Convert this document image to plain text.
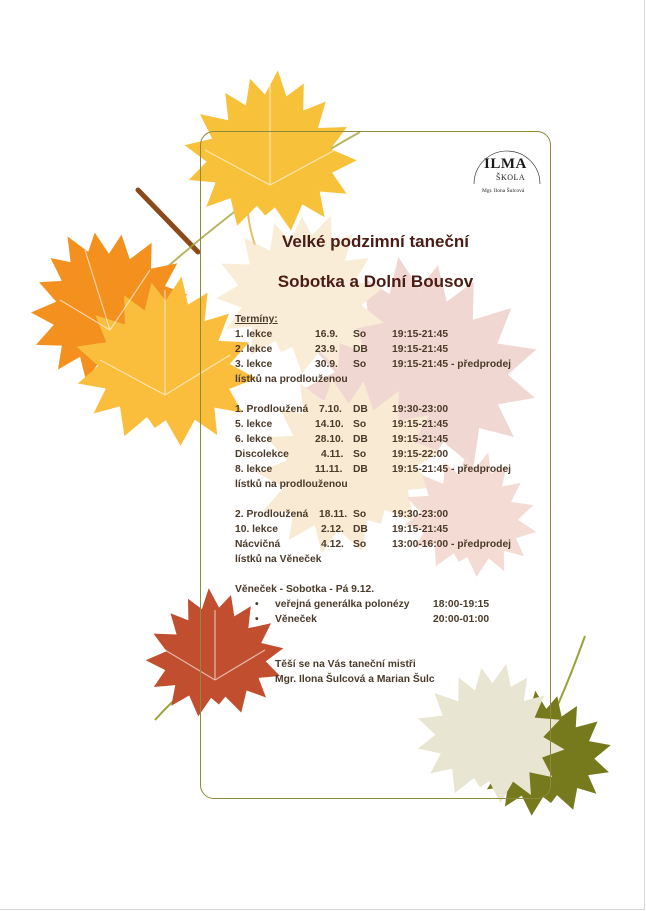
ILMA
ŠKOLA
Mgr. Ilona Šulcová
Velké podzimní taneční
Sobotka a Dolní Bousov
Termíny:
1. lekce	16.9. So	19:15-21:45
2. lekce	23.9. DB 19:15-21:45
3. lekce	30.9. So	19:15-21:45 - předprodej
lístků na prodlouženou
1. Prodloužená 7.10. DB 19:30-23:00
5. lekce	14.10. So	19:15-21:45
6. lekce	28.10. DB 19:15-21:45
Discolekce	4.11. So	19:15-22:00
8. lekce	11.11. DB 19:15-21:45 - předprodej
lístků na prodlouženou
2. Prodloužená 18.11. So	19:30-23:00
10. lekce	2.12. DB 19:15-21:45
Nácvičná	4.12. So	13:00-16:00 - předprodej
lístků na Věneček
Věneček - Sobotka - Pá 9.12.
• veřejná generálka polonézy 18:00-19:15
• Věneček	20:00-01:00
Těší se na Vás taneční mistři
Mgr. Ilona Šulcová a Marian Šulc
